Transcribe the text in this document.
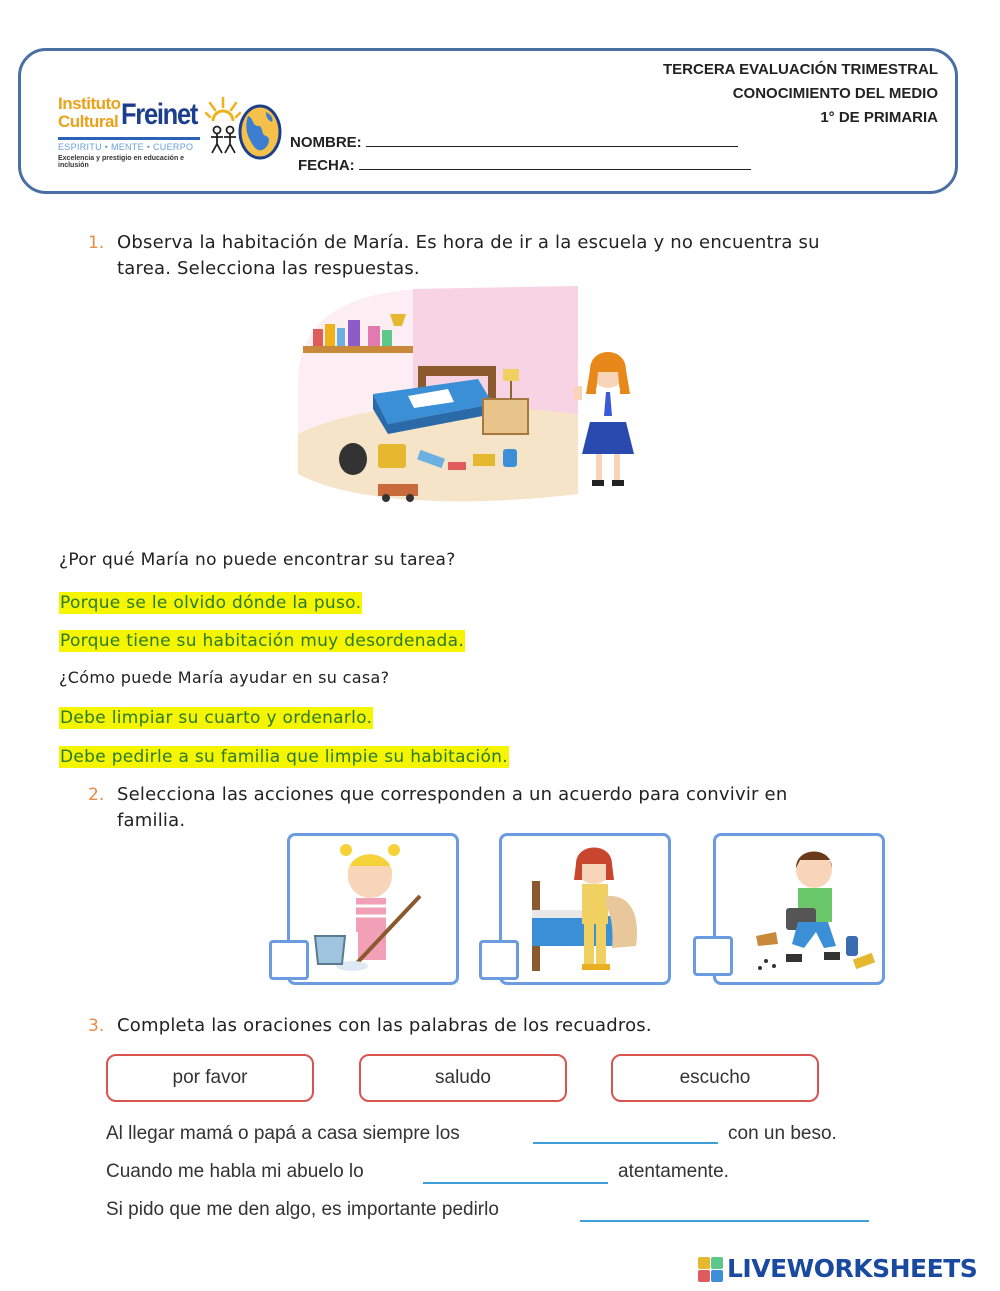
Instituto
Cultural Freinet
ESPIRITU • MENTE • CUERPO
Excelencia y prestigio en educación e inclusión
TERCERA EVALUACIÓN TRIMESTRAL
CONOCIMIENTO DEL MEDIO
1° DE PRIMARIA
NOMBRE:
FECHA:
1. Observa la habitación de María. Es hora de ir a la escuela y no encuentra su
tarea. Selecciona las respuestas.
¿Por qué María no puede encontrar su tarea?
Porque se le olvido dónde la puso.
Porque tiene su habitación muy desordenada.
¿Cómo puede María ayudar en su casa?
Debe limpiar su cuarto y ordenarlo.
Debe pedirle a su familia que limpie su habitación.
2. Selecciona las acciones que corresponden a un acuerdo para convivir en
familia.
3. Completa las oraciones con las palabras de los recuadros.
por favor	saludo	escucho
Al llegar mamá o papá a casa siempre los	con un beso.
Cuando me habla mi abuelo lo	atentamente.
Si pido que me den algo, es importante pedirlo
LIVEWORKSHEETS
